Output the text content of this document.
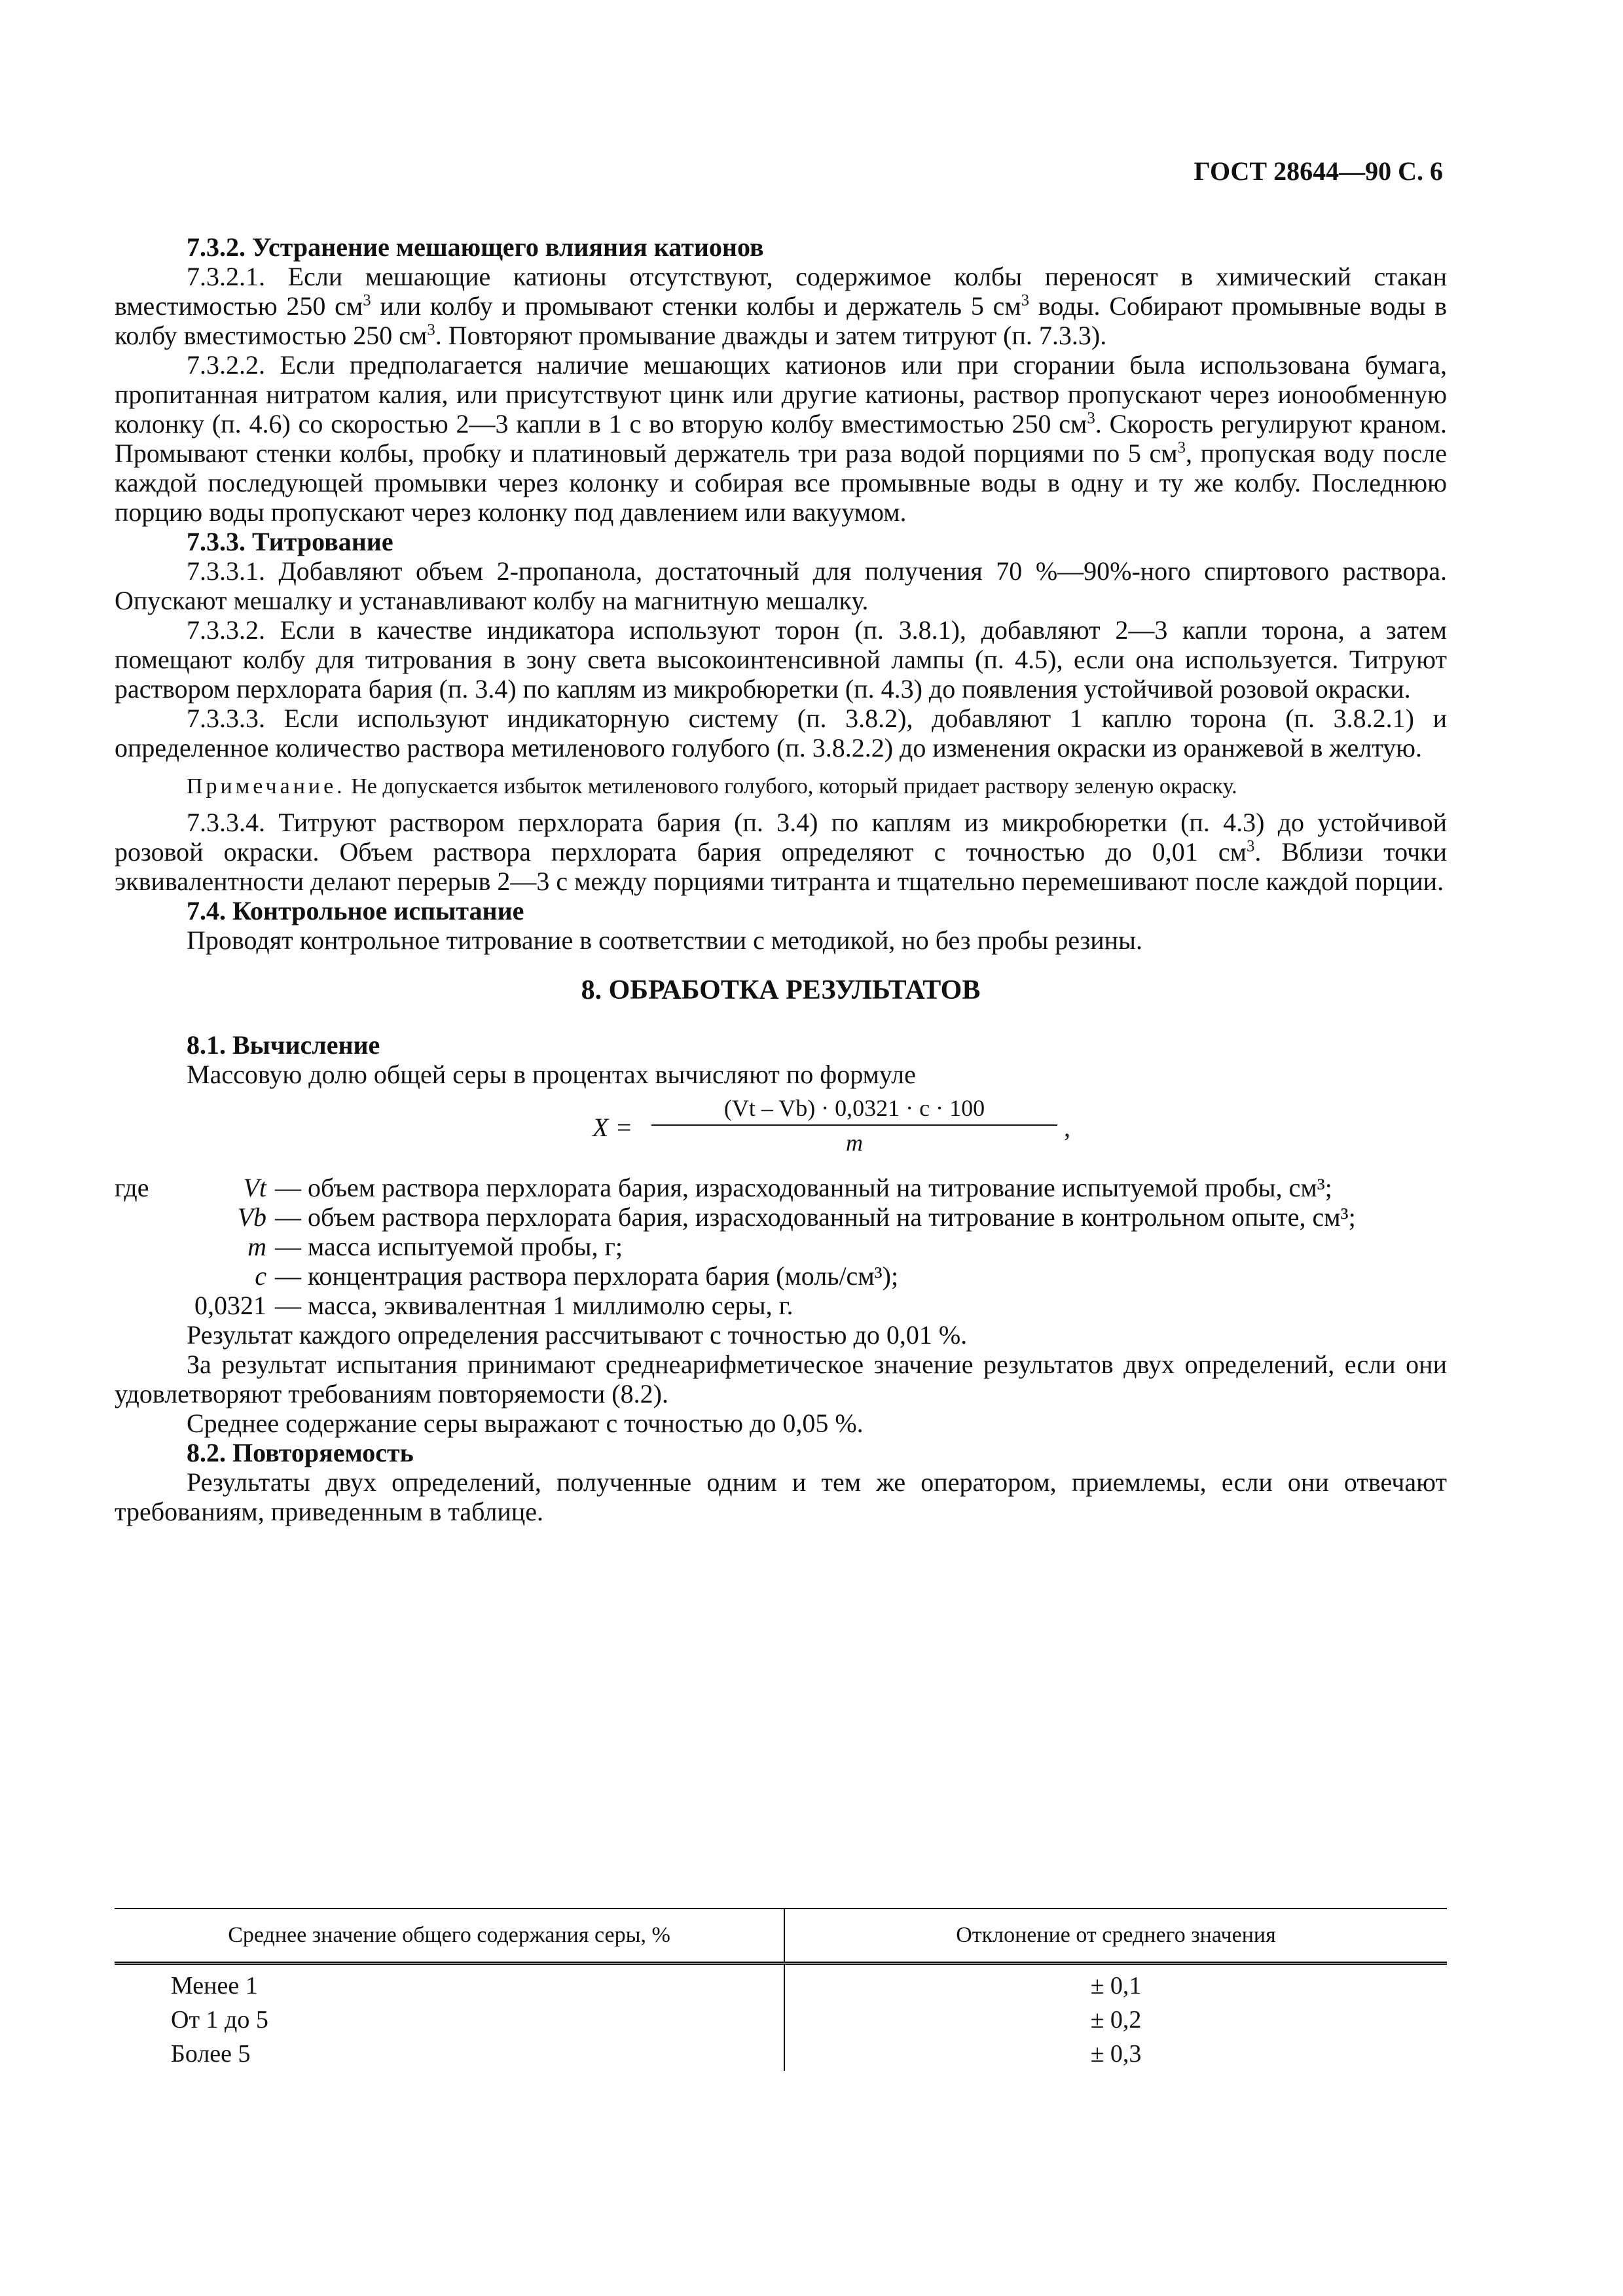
ГОСТ 28644—90 С. 6

7.3.2. Устранение мешающего влияния катионов

7.3.2.1. Если мешающие катионы отсутствуют, содержимое колбы переносят в химический стакан вместимостью 250 $см^3$ или колбу и промывают стенки колбы и держатель 5 $см^3$ воды. Собирают промывные воды в колбу вместимостью 250 $см^3$. Повторяют промывание дважды и затем титруют (п. 7.3.3).

7.3.2.2. Если предполагается наличие мешающих катионов или при сгорании была использована бумага, пропитанная нитратом калия, или присутствуют цинк или другие катионы, раствор пропускают через ионообменную колонку (п. 4.6) со скоростью 2—3 капли в 1 с во вторую колбу вместимостью 250 $см^3$. Скорость регулируют краном. Промывают стенки колбы, пробку и платиновый держатель три раза водой порциями по 5 $см^3$, пропуская воду после каждой последующей промывки через колонку и собирая все промывные воды в одну и ту же колбу. Последнюю порцию воды пропускают через колонку под давлением или вакуумом.

7.3.3. Титрование

7.3.3.1. Добавляют объем 2-пропанола, достаточный для получения 70 %—90%-ного спиртового раствора. Опускают мешалку и устанавливают колбу на магнитную мешалку.

7.3.3.2. Если в качестве индикатора используют торон (п. 3.8.1), добавляют 2—3 капли торона, а затем помещают колбу для титрования в зону света высокоинтенсивной лампы (п. 4.5), если она используется. Титруют раствором перхлората бария (п. 3.4) по каплям из микробюретки (п. 4.3) до появления устойчивой розовой окраски.

7.3.3.3. Если используют индикаторную систему (п. 3.8.2), добавляют 1 каплю торона (п. 3.8.2.1) и определенное количество раствора метиленового голубого (п. 3.8.2.2) до изменения окраски из оранжевой в желтую.

Примечание. Не допускается избыток метиленового голубого, который придает раствору зеленую окраску.

7.3.3.4. Титруют раствором перхлората бария (п. 3.4) по каплям из микробюретки (п. 4.3) до устойчивой розовой окраски. Объем раствора перхлората бария определяют с точностью до 0,01 $см^3$. Вблизи точки эквивалентности делают перерыв 2—3 с между порциями титранта и тщательно перемешивают после каждой порции.

7.4. Контрольное испытание

Проводят контрольное титрование в соответствии с методикой, но без пробы резины.

8. ОБРАБОТКА РЕЗУЛЬТАТОВ

8.1. Вычисление

Массовую долю общей серы в процентах вычисляют по формуле

X =
(Vt – Vb) · 0,0321 · c · 100
m
,

где	Vt — объем раствора перхлората бария, израсходованный на титрование испытуемой пробы, см³;

Vb — объем раствора перхлората бария, израсходованный на титрование в контрольном опыте, см³;

m — масса испытуемой пробы, г;

c — концентрация раствора перхлората бария (моль/см³);

0,0321 — масса, эквивалентная 1 миллимолю серы, г.

Результат каждого определения рассчитывают с точностью до 0,01 %.

За результат испытания принимают среднеарифметическое значение результатов двух определений, если они удовлетворяют требованиям повторяемости (8.2).

Среднее содержание серы выражают с точностью до 0,05 %.

8.2. Повторяемость

Результаты двух определений, полученные одним и тем же оператором, приемлемы, если они отвечают требованиям, приведенным в таблице.

Среднее значение общего содержания серы, %	Отклонение от среднего значения
Менее 1	± 0,1
От 1 до 5	± 0,2
Более 5	± 0,3
